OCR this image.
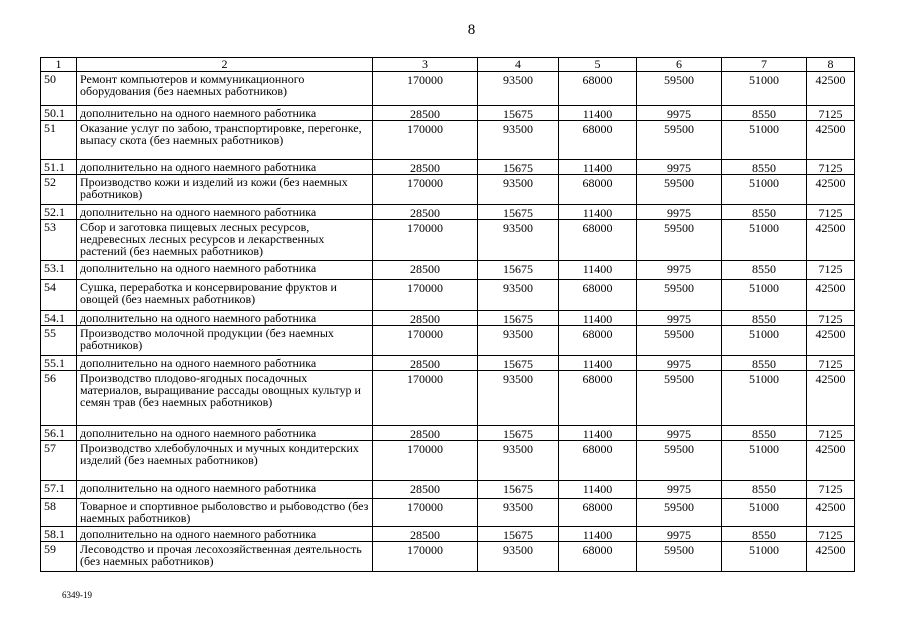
8
1	2	3	4	5	6	7	8
50	Ремонт компьютеров и коммуникационного оборудования (без наемных работников)	170000	93500	68000	59500	51000	42500
50.1	дополнительно на одного наемного работника	28500	15675	11400	9975	8550	7125
51	Оказание услуг по забою, транспортировке, перегонке, выпасу скота (без наемных работников)	170000	93500	68000	59500	51000	42500
51.1	дополнительно на одного наемного работника	28500	15675	11400	9975	8550	7125
52	Производство кожи и изделий из кожи (без наемных работников)	170000	93500	68000	59500	51000	42500
52.1	дополнительно на одного наемного работника	28500	15675	11400	9975	8550	7125
53	Сбор и заготовка пищевых лесных ресурсов, недревесных лесных ресурсов и лекарственных растений (без наемных работников)	170000	93500	68000	59500	51000	42500
53.1	дополнительно на одного наемного работника	28500	15675	11400	9975	8550	7125
54	Сушка, переработка и консервирование фруктов и овощей (без наемных работников)	170000	93500	68000	59500	51000	42500
54.1	дополнительно на одного наемного работника	28500	15675	11400	9975	8550	7125
55	Производство молочной продукции (без наемных работников)	170000	93500	68000	59500	51000	42500
55.1	дополнительно на одного наемного работника	28500	15675	11400	9975	8550	7125
56	Производство плодово-ягодных посадочных материалов, выращивание рассады овощных культур и семян трав (без наемных работников)	170000	93500	68000	59500	51000	42500
56.1	дополнительно на одного наемного работника	28500	15675	11400	9975	8550	7125
57	Производство хлебобулочных и мучных кондитерских изделий (без наемных работников)	170000	93500	68000	59500	51000	42500
57.1	дополнительно на одного наемного работника	28500	15675	11400	9975	8550	7125
58	Товарное и спортивное рыболовство и рыбоводство (без наемных работников)	170000	93500	68000	59500	51000	42500
58.1	дополнительно на одного наемного работника	28500	15675	11400	9975	8550	7125
59	Лесоводство и прочая лесохозяйственная деятельность (без наемных работников)	170000	93500	68000	59500	51000	42500
6349-19
